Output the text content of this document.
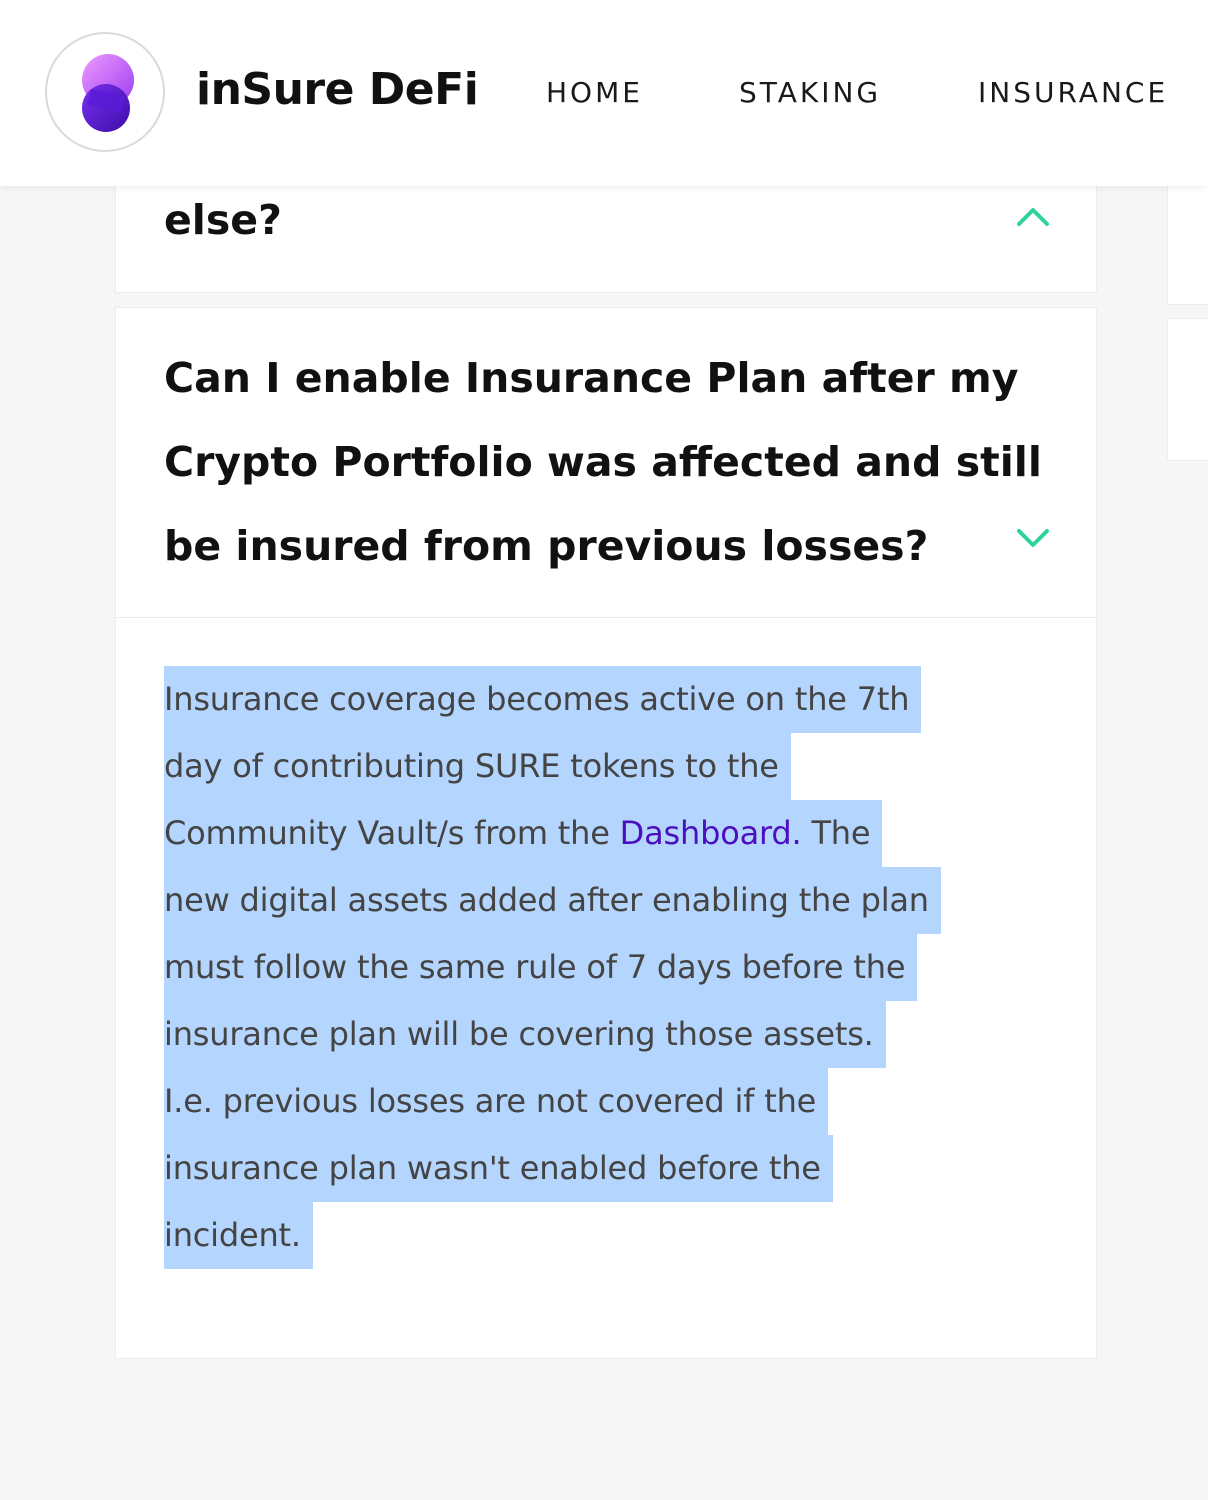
inSure DeFi HOME	STAKING	INSURANCE
else?
Can I enable Insurance Plan after my
Crypto Portfolio was affected and still
be insured from previous losses?
Insurance coverage becomes active on the 7th
day of contributing SURE tokens to the
Community Vault/s from the Dashboard. The
new digital assets added after enabling the plan
must follow the same rule of 7 days before the
insurance plan will be covering those assets.
I.e. previous losses are not covered if the
insurance plan wasn't enabled before the
incident.
